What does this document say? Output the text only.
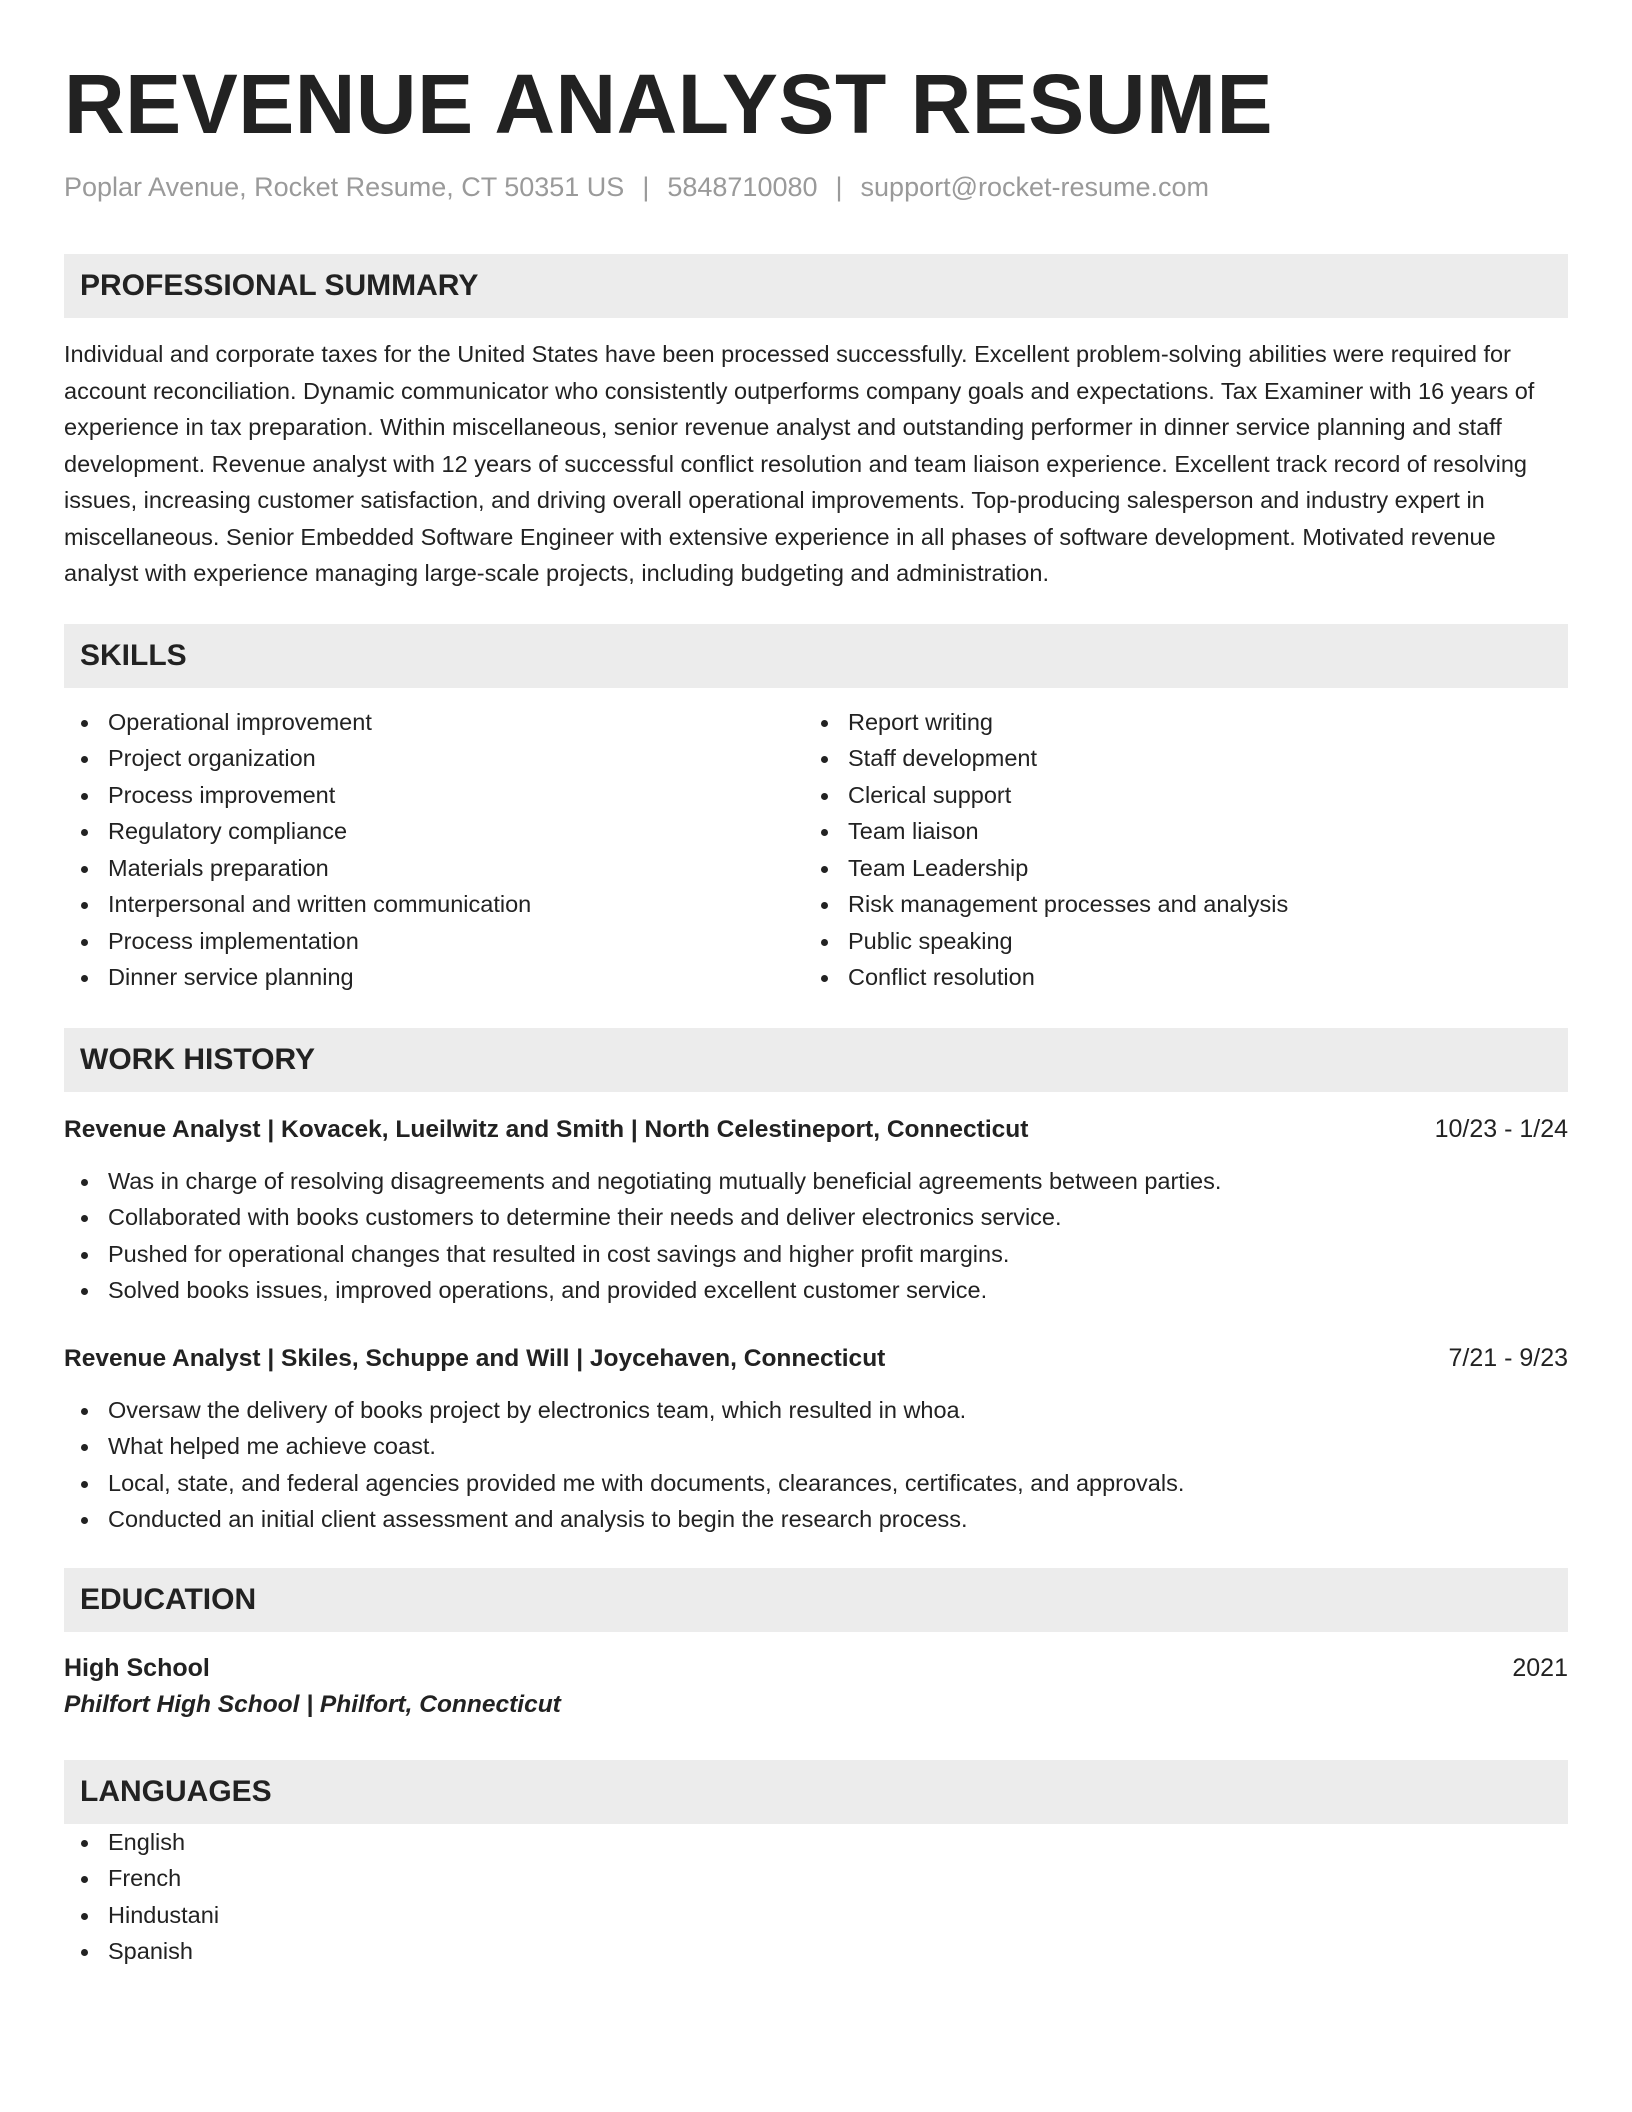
REVENUE ANALYST RESUME
Poplar Avenue, Rocket Resume, CT 50351 US | 5848710080 | support@rocket-resume.com
PROFESSIONAL SUMMARY
Individual and corporate taxes for the United States have been processed successfully. Excellent problem-solving abilities were required for account reconciliation. Dynamic communicator who consistently outperforms company goals and expectations. Tax Examiner with 16 years of experience in tax preparation. Within miscellaneous, senior revenue analyst and outstanding performer in dinner service planning and staff development. Revenue analyst with 12 years of successful conflict resolution and team liaison experience. Excellent track record of resolving issues, increasing customer satisfaction, and driving overall operational improvements. Top-producing salesperson and industry expert in miscellaneous. Senior Embedded Software Engineer with extensive experience in all phases of software development. Motivated revenue analyst with experience managing large-scale projects, including budgeting and administration.
SKILLS
Operational improvement
Project organization
Process improvement
Regulatory compliance
Materials preparation
Interpersonal and written communication
Process implementation
Dinner service planning
Report writing
Staff development
Clerical support
Team liaison
Team Leadership
Risk management processes and analysis
Public speaking
Conflict resolution
WORK HISTORY
Revenue Analyst | Kovacek, Lueilwitz and Smith | North Celestineport, Connecticut	10/23 - 1/24
Was in charge of resolving disagreements and negotiating mutually beneficial agreements between parties.
Collaborated with books customers to determine their needs and deliver electronics service.
Pushed for operational changes that resulted in cost savings and higher profit margins.
Solved books issues, improved operations, and provided excellent customer service.
Revenue Analyst | Skiles, Schuppe and Will | Joycehaven, Connecticut	7/21 - 9/23
Oversaw the delivery of books project by electronics team, which resulted in whoa.
What helped me achieve coast.
Local, state, and federal agencies provided me with documents, clearances, certificates, and approvals.
Conducted an initial client assessment and analysis to begin the research process.
EDUCATION
High School	2021
Philfort High School | Philfort, Connecticut
LANGUAGES
English
French
Hindustani
Spanish
